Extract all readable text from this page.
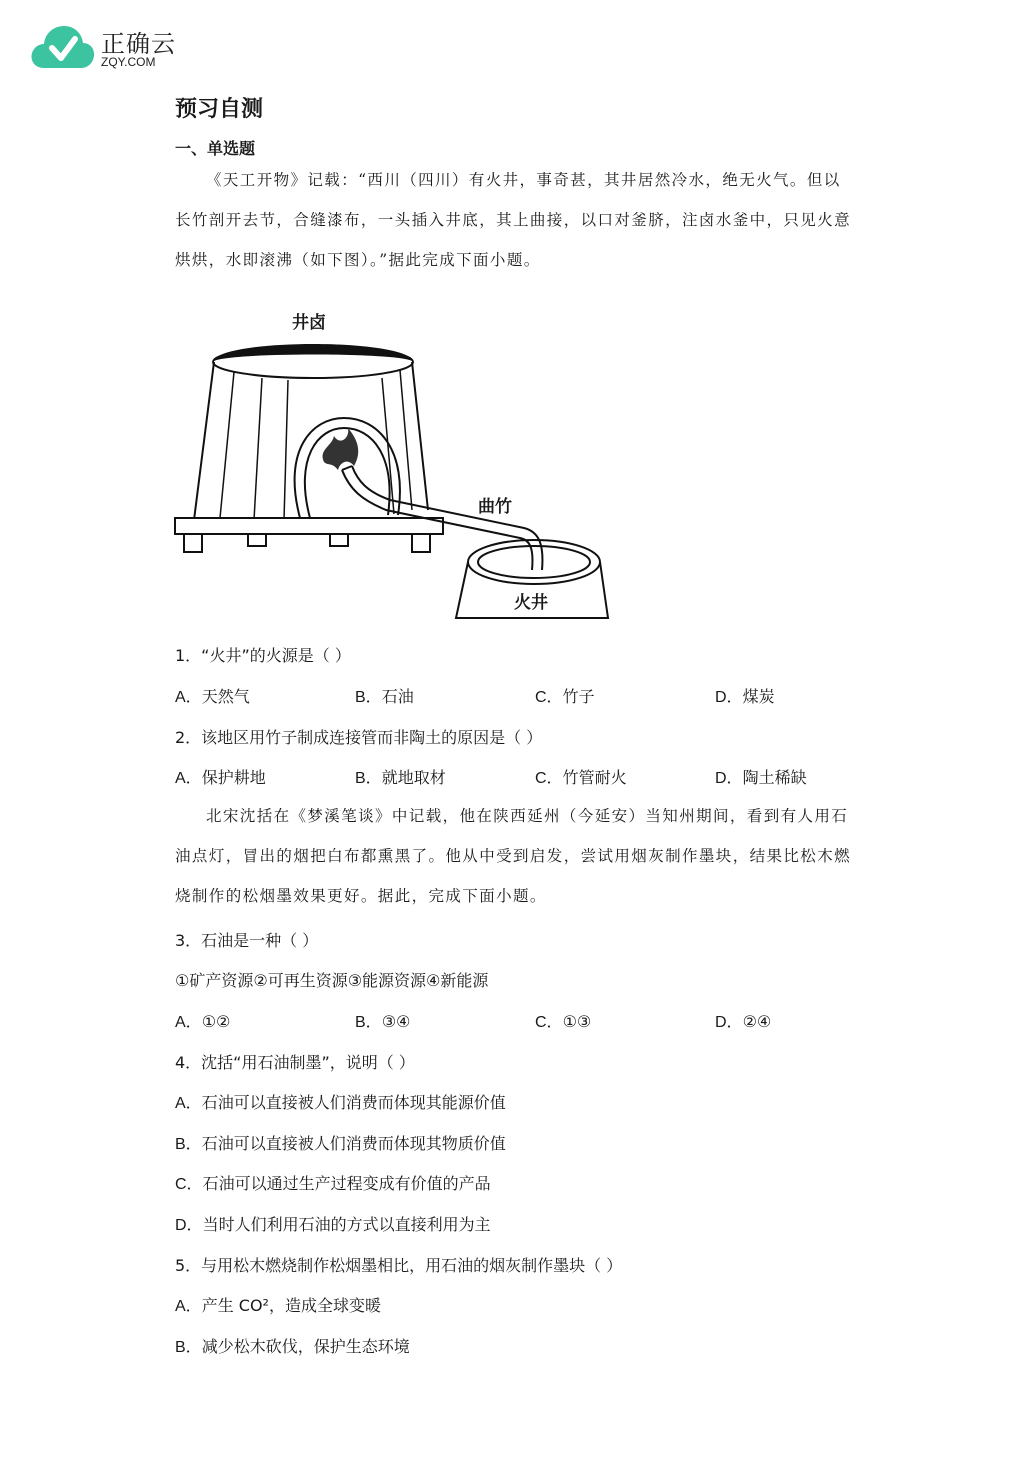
正确云
ZQY.COM
预习自测
一、单选题

《天工开物》记载：“西川（四川）有火井，事奇甚，其井居然冷水，绝无火气。但以长竹剖开去节，合缝漆布，一头插入井底，其上曲接，以口对釜脐，注卤水釜中，只见火意烘烘，水即滚沸（如下图）。”据此完成下面小题。

井卤
曲竹
火井
1．“火井”的火源是（ ）
A．天然气	B．石油	C．竹子	D．煤炭
2．该地区用竹子制成连接管而非陶土的原因是（ ）
A．保护耕地	B．就地取材	C．竹管耐火	D．陶土稀缺

北宋沈括在《梦溪笔谈》中记载，他在陕西延州（今延安）当知州期间，看到有人用石油点灯，冒出的烟把白布都熏黑了。他从中受到启发，尝试用烟灰制作墨块，结果比松木燃烧制作的松烟墨效果更好。据此，完成下面小题。

3．石油是一种（ ）
①矿产资源②可再生资源③能源资源④新能源
A．①②	B．③④	C．①③	D．②④
4．沈括“用石油制墨”，说明（ ）
A．石油可以直接被人们消费而体现其能源价值
B．石油可以直接被人们消费而体现其物质价值
C．石油可以通过生产过程变成有价值的产品
D．当时人们利用石油的方式以直接利用为主
5．与用松木燃烧制作松烟墨相比，用石油的烟灰制作墨块（ ）
A．产生 CO²，造成全球变暖
B．减少松木砍伐，保护生态环境
